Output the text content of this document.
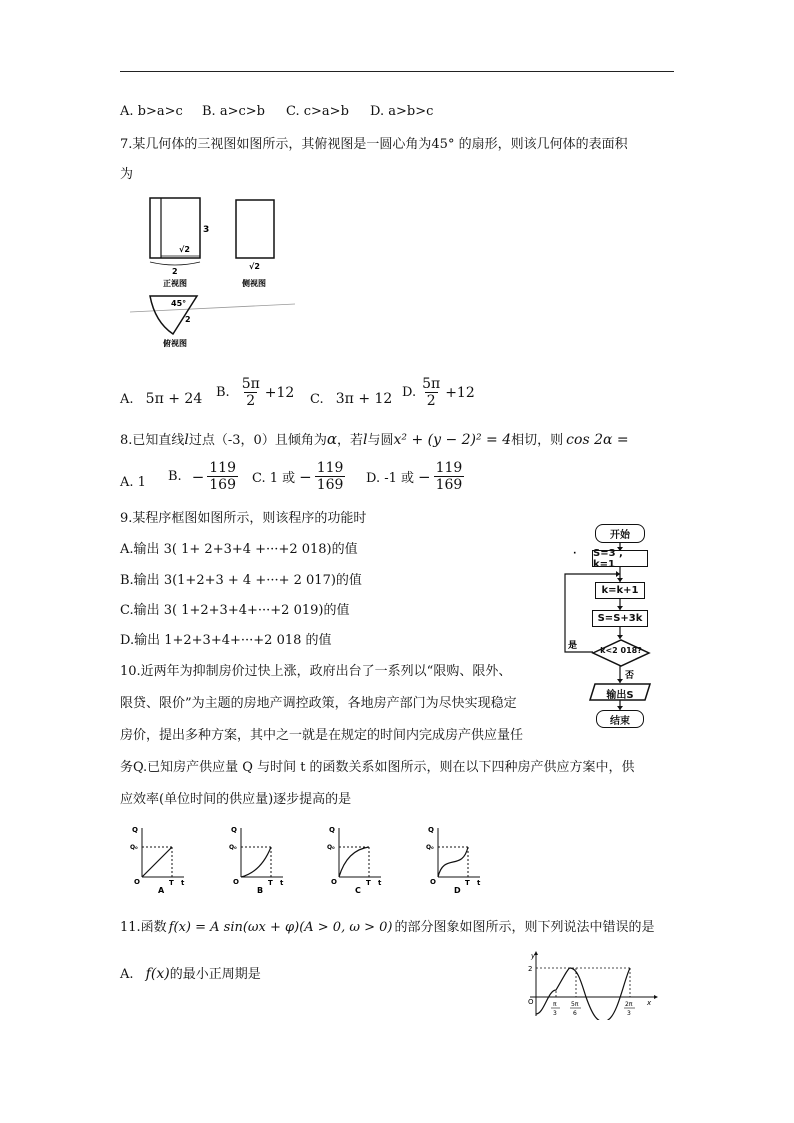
A. b>a>c B. a>c>b C. c>a>b D. a>b>c
7.某几何体的三视图如图所示，其俯视图是一圆心角为45° 的扇形，则该几何体的表面积
为
3
√2
2
正视图
√2
侧视图
45°
2
俯视图
A. 5π + 24 B. $\frac{5\pi}{2} +12$ C. 3π + 12 D. $\frac{5\pi}{2} +12$
8.已知直线l过点（-3，0）且倾角为α，若l与圆x² + (y − 2)² = 4相切，则 cos 2α =
A. 1 B. − $\frac{119}{169} C$. 1 或 − $\frac{119}{169} D$. -1 或 − $\frac{119}{169}$
9.某程序框图如图所示，则该程序的功能时
A.输出 3( 1+ 2+3+4 +···+2 018)的值
B.输出 3(1+2+3 + 4 +···+ 2 017)的值
C.输出 3( 1+2+3+4+···+2 019)的值
D.输出 1+2+3+4+···+2 018 的值	是
否
·
开始
S=3 , k=1
k=k+1
S=S+3k
k<2 018?
输出S
结束
10.近两年为抑制房价过快上涨，政府出台了一系列以“限购、限外、
限贷、限价”为主题的房地产调控政策，各地房产部门为尽快实现稳定
房价，提出多种方案，其中之一就是在规定的时间内完成房产供应量任
务Q.已知房产供应量 Q 与时间 t 的函数关系如图所示，则在以下四种房产供应方案中，供
应效率(单位时间的供应量)逐步提高的是
Q
Q₀
O	T t
A
Q
Q₀
O	T t
B
Q
Q₀
O	T t
C
Q
Q₀
O	T t
D
11.函数 f(x) = A sin(ωx + φ)(A > 0, ω > 0) 的部分图象如图所示，则下列说法中错误的是
A. f(x)的最小正周期是
y
2
O	x
π
3
5π
6
2π
3
